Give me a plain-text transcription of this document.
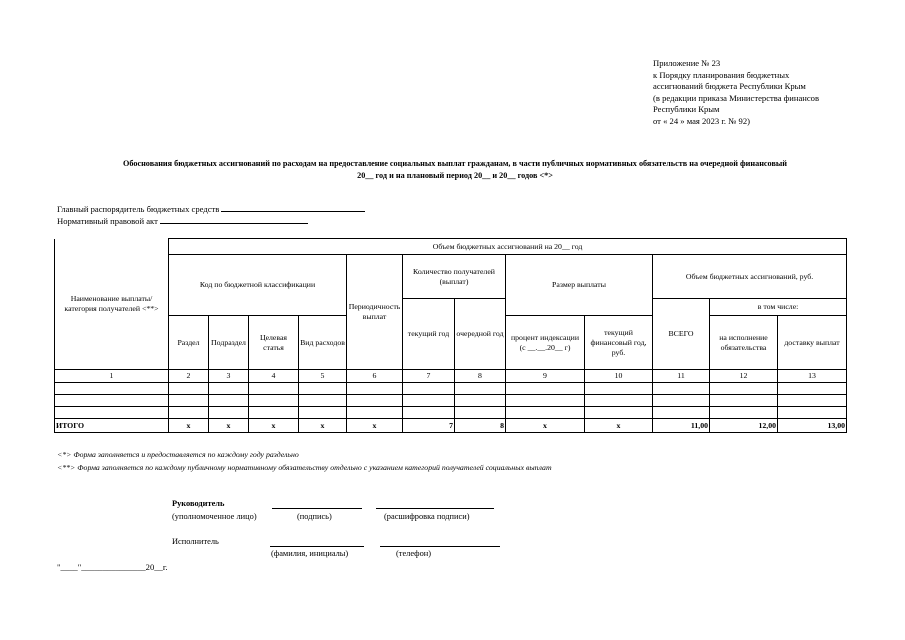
Приложение № 23
к Порядку планирования бюджетных
ассигнований бюджета Республики Крым
(в редакции приказа Министерства финансов
Республики Крым
от « 24 » мая 2023 г. № 92)
Обоснования бюджетных ассигнований по расходам на предоставление социальных выплат гражданам, в части публичных нормативных обязательств на очередной финансовый
20__ год и на плановый период 20__ и 20__ годов <*>
Главный распорядитель бюджетных средств
Нормативный правовой акт
Наименование выплаты/категория получателей <**>	Объем бюджетных ассигнований на 20__ год											
	Код по бюджетной классификации				Периодичность выплат	Количество получателей (выплат)		Размер выплаты		Объем бюджетных ассигнований, руб.		
						текущий год	очередной год			ВСЕГО	в том числе:	
	Раздел	Подраздел	Целевая статья	Вид расходов				процент индексации (с __.__.20__ г)	текущий финансовый год, руб.		на исполнение обязательства	доставку выплат
1	2	3	4	5	6	7	8	9	10	11	12	13

ИТОГО	x	x	x	x	x	7	8	x	x	11,00	12,00	13,00
<*> Форма заполняется и предоставляется по каждому году раздельно
<**> Форма заполняется по каждому публичному нормативному обязательству отдельно с указанием категорий получателей социальных выплат
Руководитель
(уполномоченное лицо)	(подпись)	(расшифровка подписи)
Исполнитель
(фамилия, инициалы)	(телефон)
"____"_______________20__г.
